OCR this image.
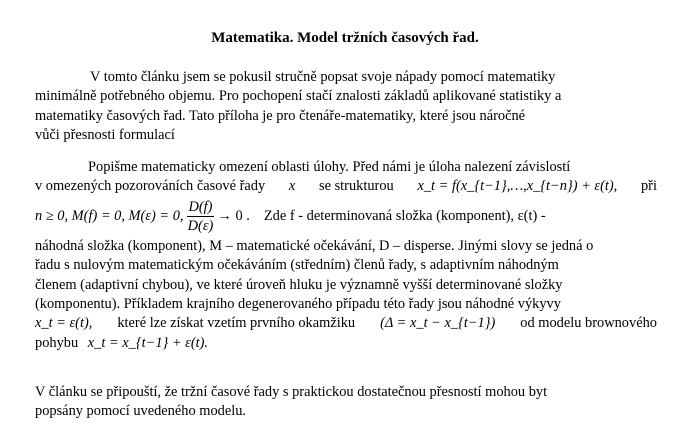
Matematika. Model tržních časových řad.
V tomto článku jsem se pokusil stručně popsat svoje nápady pomocí matematiky
minimálně potřebného objemu. Pro pochopení stačí znalosti základů aplikované statistiky a
matematiky časových řad. Tato příloha je pro čtenáře-matematiky, které jsou náročné
vůči přesnosti formulací
Popišme matematicky omezení oblasti úlohy. Před námi je úloha nalezení závislostí
v omezených pozorováních časové řady x se strukturou x_t = f(x_{t−1},…,x_{t−n}) + ε(t), při
n ≥ 0, M(f) = 0, M(ε) = 0, $\frac{D(f)}{D(\varepsilon)} \to 0$ . Zde f - determinovaná složka (komponent), ε(t) -
náhodná složka (komponent), M – matematické očekávání, D – disperse. Jinými slovy se jedná o
řadu s nulovým matematickým očekáváním (středním) členů řady, s adaptivním náhodným
členem (adaptivní chybou), ve které úroveň hluku je významně vyšší determinované složky
(komponentu). Příkladem krajního degenerovaného případu této řady jsou náhodné výkyvy
x_t = ε(t), které lze získat vzetím prvního okamžiku (Δ = x_t − x_{t−1}) od modelu brownového
pohybu x_t = x_{t−1} + ε(t).
V článku se připouští, že tržní časové řady s praktickou dostatečnou přesností mohou byt
popsány pomocí uvedeného modelu.
